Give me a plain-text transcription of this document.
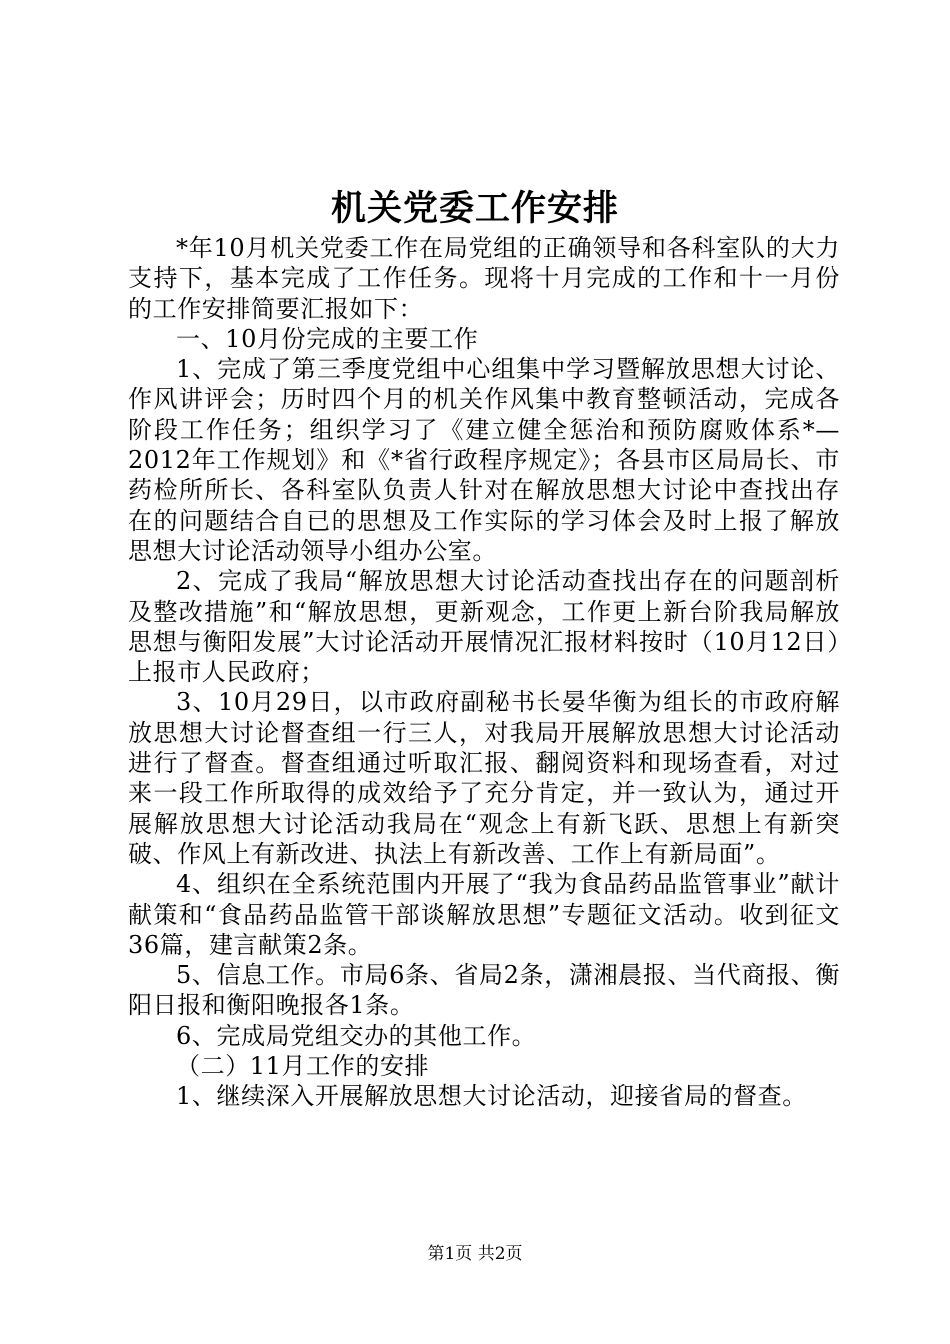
机关党委工作安排

*年10月机关党委工作在局党组的正确领导和各科室队的大力支持下，基本完成了工作任务。现将十月完成的工作和十一月份的工作安排简要汇报如下：

一、10月份完成的主要工作

1、完成了第三季度党组中心组集中学习暨解放思想大讨论、作风讲评会；历时四个月的机关作风集中教育整顿活动，完成各阶段工作任务；组织学习了《建立健全惩治和预防腐败体系*—2012年工作规划》和《*省行政程序规定》；各县市区局局长、市药检所所长、各科室队负责人针对在解放思想大讨论中查找出存在的问题结合自已的思想及工作实际的学习体会及时上报了解放思想大讨论活动领导小组办公室。

2、完成了我局“解放思想大讨论活动查找出存在的问题剖析及整改措施”和“解放思想，更新观念，工作更上新台阶我局解放思想与衡阳发展”大讨论活动开展情况汇报材料按时（10月12日）上报市人民政府；

3、10月29日，以市政府副秘书长晏华衡为组长的市政府解放思想大讨论督查组一行三人，对我局开展解放思想大讨论活动进行了督查。督查组通过听取汇报、翻阅资料和现场查看，对过来一段工作所取得的成效给予了充分肯定，并一致认为，通过开展解放思想大讨论活动我局在“观念上有新飞跃、思想上有新突破、作风上有新改进、执法上有新改善、工作上有新局面”。

4、组织在全系统范围内开展了“我为食品药品监管事业”献计献策和“食品药品监管干部谈解放思想”专题征文活动。收到征文36篇，建言献策2条。

5、信息工作。市局6条、省局2条，潇湘晨报、当代商报、衡阳日报和衡阳晚报各1条。

6、完成局党组交办的其他工作。

（二）11月工作的安排

1、继续深入开展解放思想大讨论活动，迎接省局的督查。

第1页 共2页
